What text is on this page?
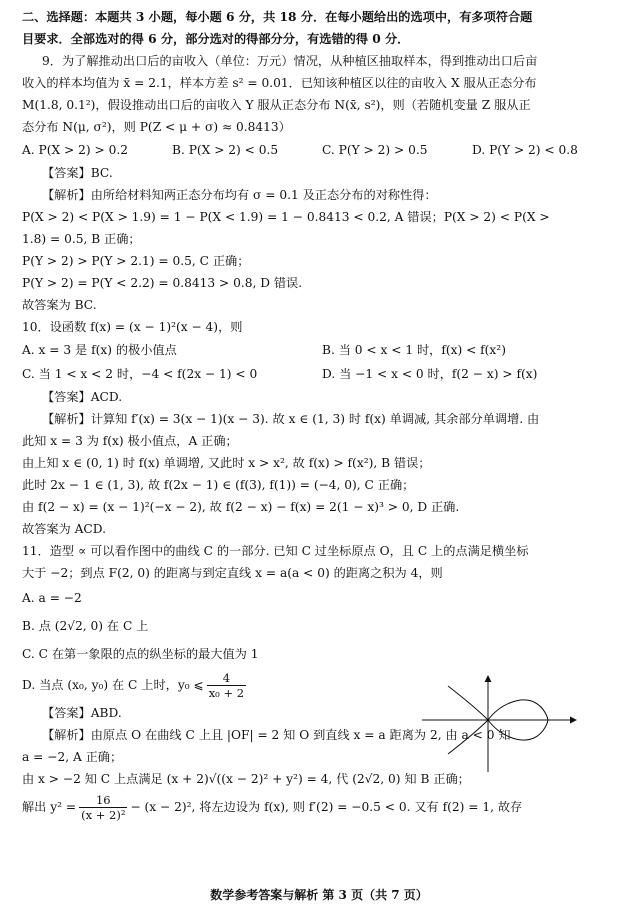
二、选择题：本题共 3 小题，每小题 6 分，共 18 分．在每小题给出的选项中，有多项符合题
目要求．全部选对的得 6 分，部分选对的得部分分，有选错的得 0 分．
9．为了解推动出口后的亩收入（单位：万元）情况，从种植区抽取样本，得到推动出口后亩
收入的样本均值为 x̄ = 2.1，样本方差 s² = 0.01．已知该种植区以往的亩收入 X 服从正态分布
M(1.8, 0.1²)，假设推动出口后的亩收入 Y 服从正态分布 N(x̄, s²)，则（若随机变量 Z 服从正
态分布 N(μ, σ²)，则 P(Z < μ + σ) ≈ 0.8413）
A. P(X > 2) > 0.2	B. P(X > 2) < 0.5	C. P(Y > 2) > 0.5	D. P(Y > 2) < 0.8
【答案】BC.
【解析】由所给材料知两正态分布均有 σ = 0.1 及正态分布的对称性得：
P(X > 2) < P(X > 1.9) = 1 − P(X < 1.9) = 1 − 0.8413 < 0.2, A 错误；P(X > 2) < P(X >
1.8) = 0.5, B 正确；
P(Y > 2) > P(Y > 2.1) = 0.5, C 正确；
P(Y > 2) = P(Y < 2.2) = 0.8413 > 0.8, D 错误.
故答案为 BC.
10．设函数 f(x) = (x − 1)²(x − 4)，则
A. x = 3 是 f(x) 的极小值点	B. 当 0 < x < 1 时，f(x) < f(x²)
C. 当 1 < x < 2 时，−4 < f(2x − 1) < 0	D. 当 −1 < x < 0 时，f(2 − x) > f(x)
【答案】ACD.
【解析】计算知 f′(x) = 3(x − 1)(x − 3). 故 x ∈ (1, 3) 时 f(x) 单调减, 其余部分单调增. 由
此知 x = 3 为 f(x) 极小值点，A 正确；
由上知 x ∈ (0, 1) 时 f(x) 单调增, 又此时 x > x², 故 f(x) > f(x²), B 错误；
此时 2x − 1 ∈ (1, 3), 故 f(2x − 1) ∈ (f(3), f(1)) = (−4, 0), C 正确；
由 f(2 − x) = (x − 1)²(−x − 2), 故 f(2 − x) − f(x) = 2(1 − x)³ > 0, D 正确.
故答案为 ACD.
11．造型 ∝ 可以看作图中的曲线 C 的一部分. 已知 C 过坐标原点 O，且 C 上的点满足横坐标
大于 −2；到点 F(2, 0) 的距离与到定直线 x = a(a < 0) 的距离之积为 4，则
A. a = −2
B. 点 (2√2, 0) 在 C 上
C. C 在第一象限的点的纵坐标的最大值为 1
D. 当点 (x₀, y₀) 在 C 上时，y₀ ⩽ $\frac{4}{\text{x₀ + 2}}$
【答案】ABD.
【解析】由原点 O 在曲线 C 上且 |OF| = 2 知 O 到直线 x = a 距离为 2, 由 a < 0 知
a = −2, A 正确；
由 x > −2 知 C 上点满足 (x + 2)√((x − 2)² + y²) = 4, 代 (2√2, 0) 知 B 正确；
解出 $y^2 = \frac{16}{\text{(x + 2)²}} - (x - 2)^2$, 将左边设为 f(x), 则 f′(2) = −0.5 < 0. 又有 f(2) = 1, 故存
数学参考答案与解析 第 3 页（共 7 页）
